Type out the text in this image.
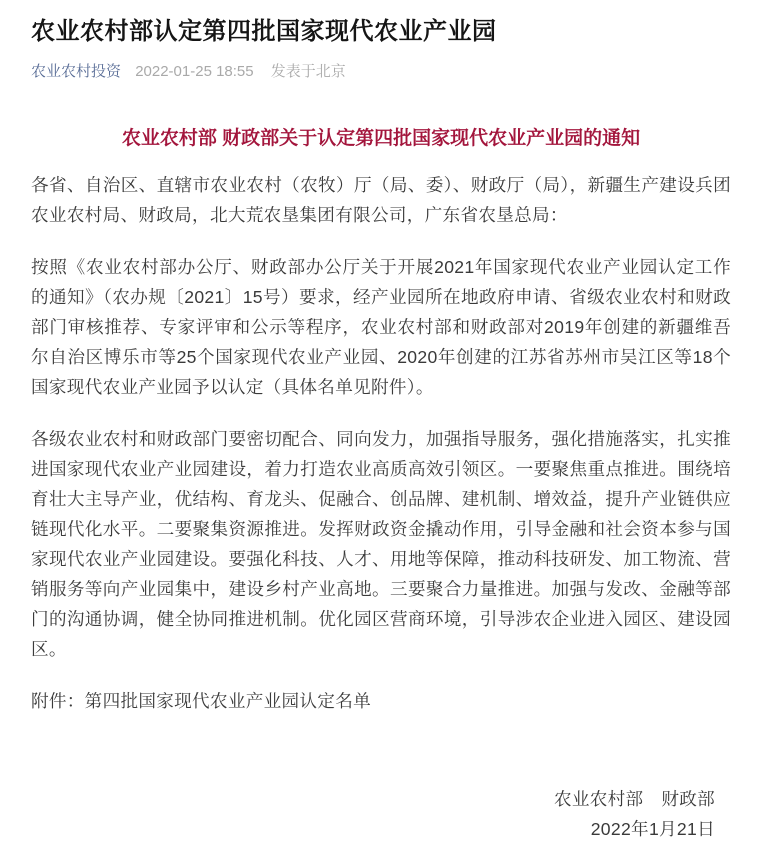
农业农村部认定第四批国家现代农业产业园
农业农村投资 2022-01-25 18:55 发表于北京
农业农村部 财政部关于认定第四批国家现代农业产业园的通知

各省、自治区、直辖市农业农村（农牧）厅（局、委）、财政厅（局），新疆生产建设兵团农业农村局、财政局，北大荒农垦集团有限公司，广东省农垦总局：

按照《农业农村部办公厅、财政部办公厅关于开展2021年国家现代农业产业园认定工作的通知》（农办规〔2021〕15号）要求，经产业园所在地政府申请、省级农业农村和财政部门审核推荐、专家评审和公示等程序，农业农村部和财政部对2019年创建的新疆维吾尔自治区博乐市等25个国家现代农业产业园、2020年创建的江苏省苏州市吴江区等18个国家现代农业产业园予以认定（具体名单见附件）。

各级农业农村和财政部门要密切配合、同向发力，加强指导服务，强化措施落实，扎实推进国家现代农业产业园建设，着力打造农业高质高效引领区。一要聚焦重点推进。围绕培育壮大主导产业，优结构、育龙头、促融合、创品牌、建机制、增效益，提升产业链供应链现代化水平。二要聚集资源推进。发挥财政资金撬动作用，引导金融和社会资本参与国家现代农业产业园建设。要强化科技、人才、用地等保障，推动科技研发、加工物流、营销服务等向产业园集中，建设乡村产业高地。三要聚合力量推进。加强与发改、金融等部门的沟通协调，健全协同推进机制。优化园区营商环境，引导涉农企业进入园区、建设园区。

附件：第四批国家现代农业产业园认定名单

农业农村部　财政部

2022年1月21日
